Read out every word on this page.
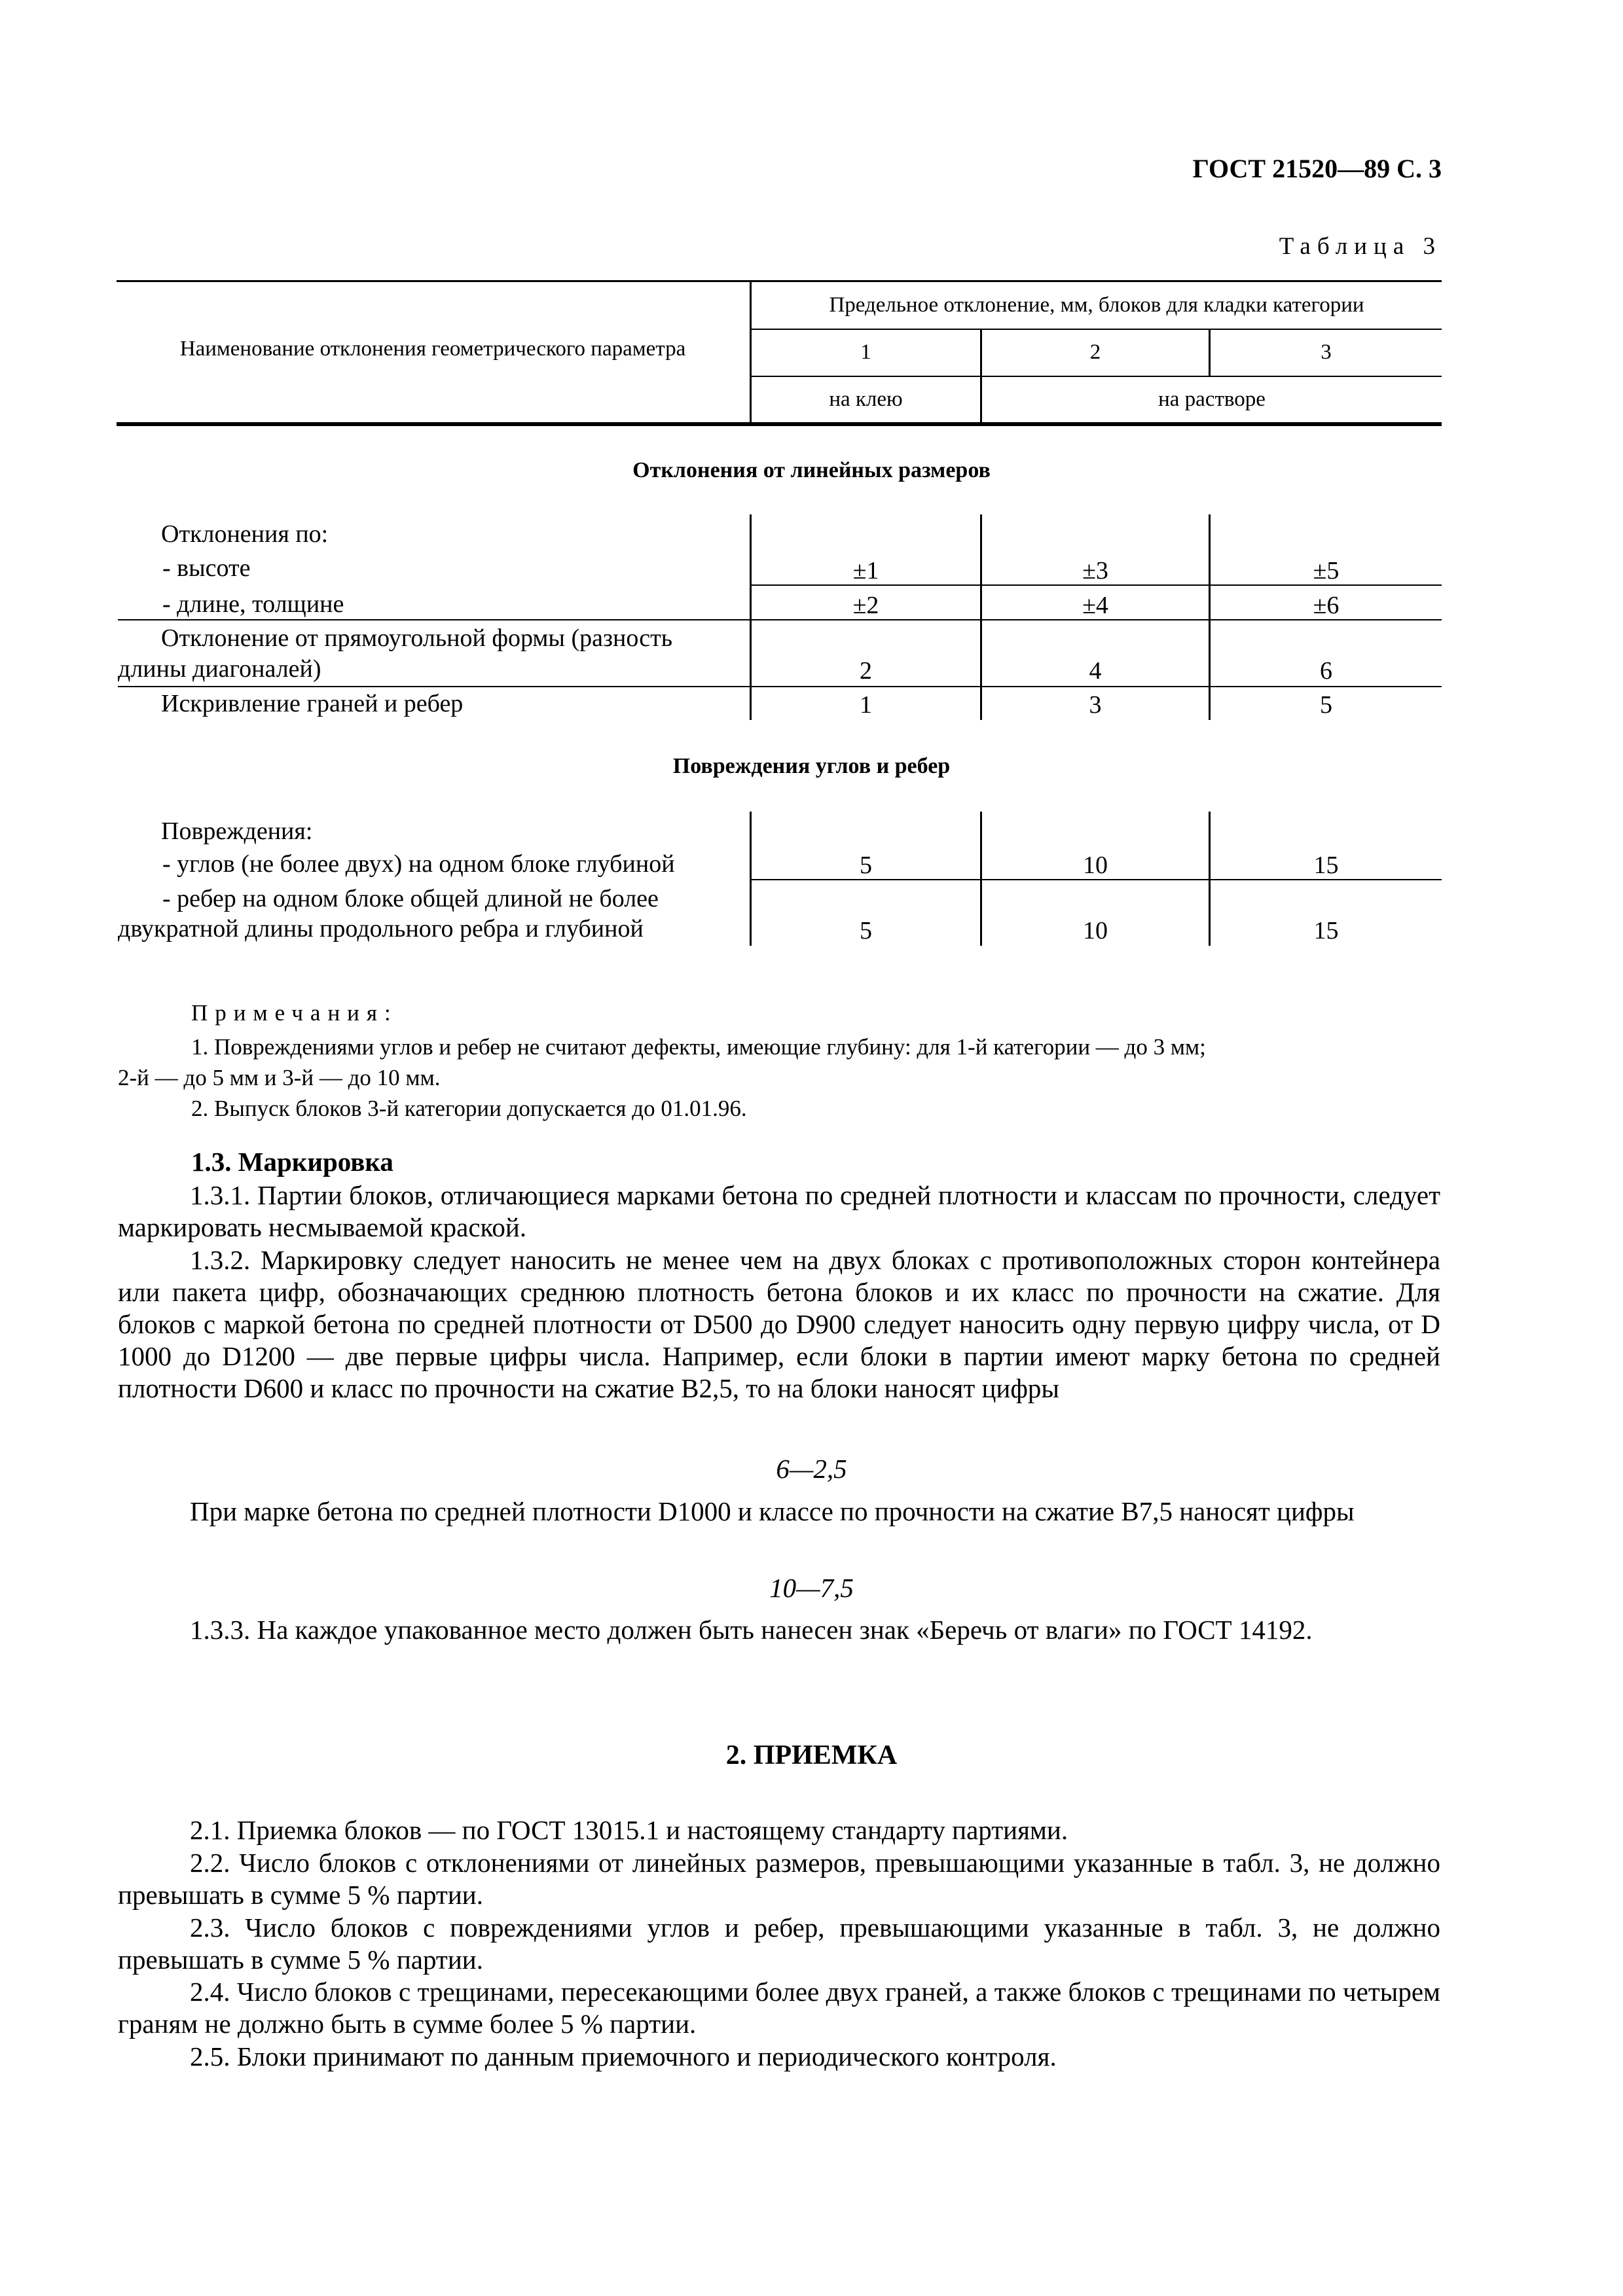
ГОСТ 21520—89 С. 3
Таблица 3
Наименование отклонения геометрического параметра
Предельное отклонение, мм, блоков для кладки категории
1	2	3
на клею	на растворе
Отклонения от линейных размеров
Отклонения по:
- высоте	±1	±3	±5
- длине, толщине	±2	±4	±6
Отклонение от прямоугольной формы (разность
длины диагоналей)	2	4	6
Искривление граней и ребер	1	3	5
Повреждения углов и ребер
Повреждения:
- углов (не более двух) на одном блоке глубиной	5	10	15
- ребер на одном блоке общей длиной не более
двукратной длины продольного ребра и глубиной	5	10	15
Примечания:
1. Повреждениями углов и ребер не считают дефекты, имеющие глубину: для 1-й категории — до 3 мм;
2-й — до 5 мм и 3-й — до 10 мм.
2. Выпуск блоков 3-й категории допускается до 01.01.96.
1.3. Маркировка
1.3.1. Партии блоков, отличающиеся марками бетона по средней плотности и классам по прочности, следует маркировать несмываемой краской.
1.3.2. Маркировку следует наносить не менее чем на двух блоках с противоположных сторон контейнера или пакета цифр, обозначающих среднюю плотность бетона блоков и их класс по прочности на сжатие. Для блоков с маркой бетона по средней плотности от D500 до D900 следует наносить одну первую цифру числа, от D 1000 до D1200 — две первые цифры числа. Например, если блоки в партии имеют марку бетона по средней плотности D600 и класс по прочности на сжатие В2,5, то на блоки наносят цифры
6—2,5
При марке бетона по средней плотности D1000 и классе по прочности на сжатие В7,5 наносят цифры
10—7,5
1.3.3. На каждое упакованное место должен быть нанесен знак «Беречь от влаги» по ГОСТ 14192.
2. ПРИЕМКА
2.1. Приемка блоков — по ГОСТ 13015.1 и настоящему стандарту партиями.
2.2. Число блоков с отклонениями от линейных размеров, превышающими указанные в табл. 3, не должно превышать в сумме 5 % партии.
2.3. Число блоков с повреждениями углов и ребер, превышающими указанные в табл. 3, не должно превышать в сумме 5 % партии.
2.4. Число блоков с трещинами, пересекающими более двух граней, а также блоков с трещинами по четырем граням не должно быть в сумме более 5 % партии.
2.5. Блоки принимают по данным приемочного и периодического контроля.
